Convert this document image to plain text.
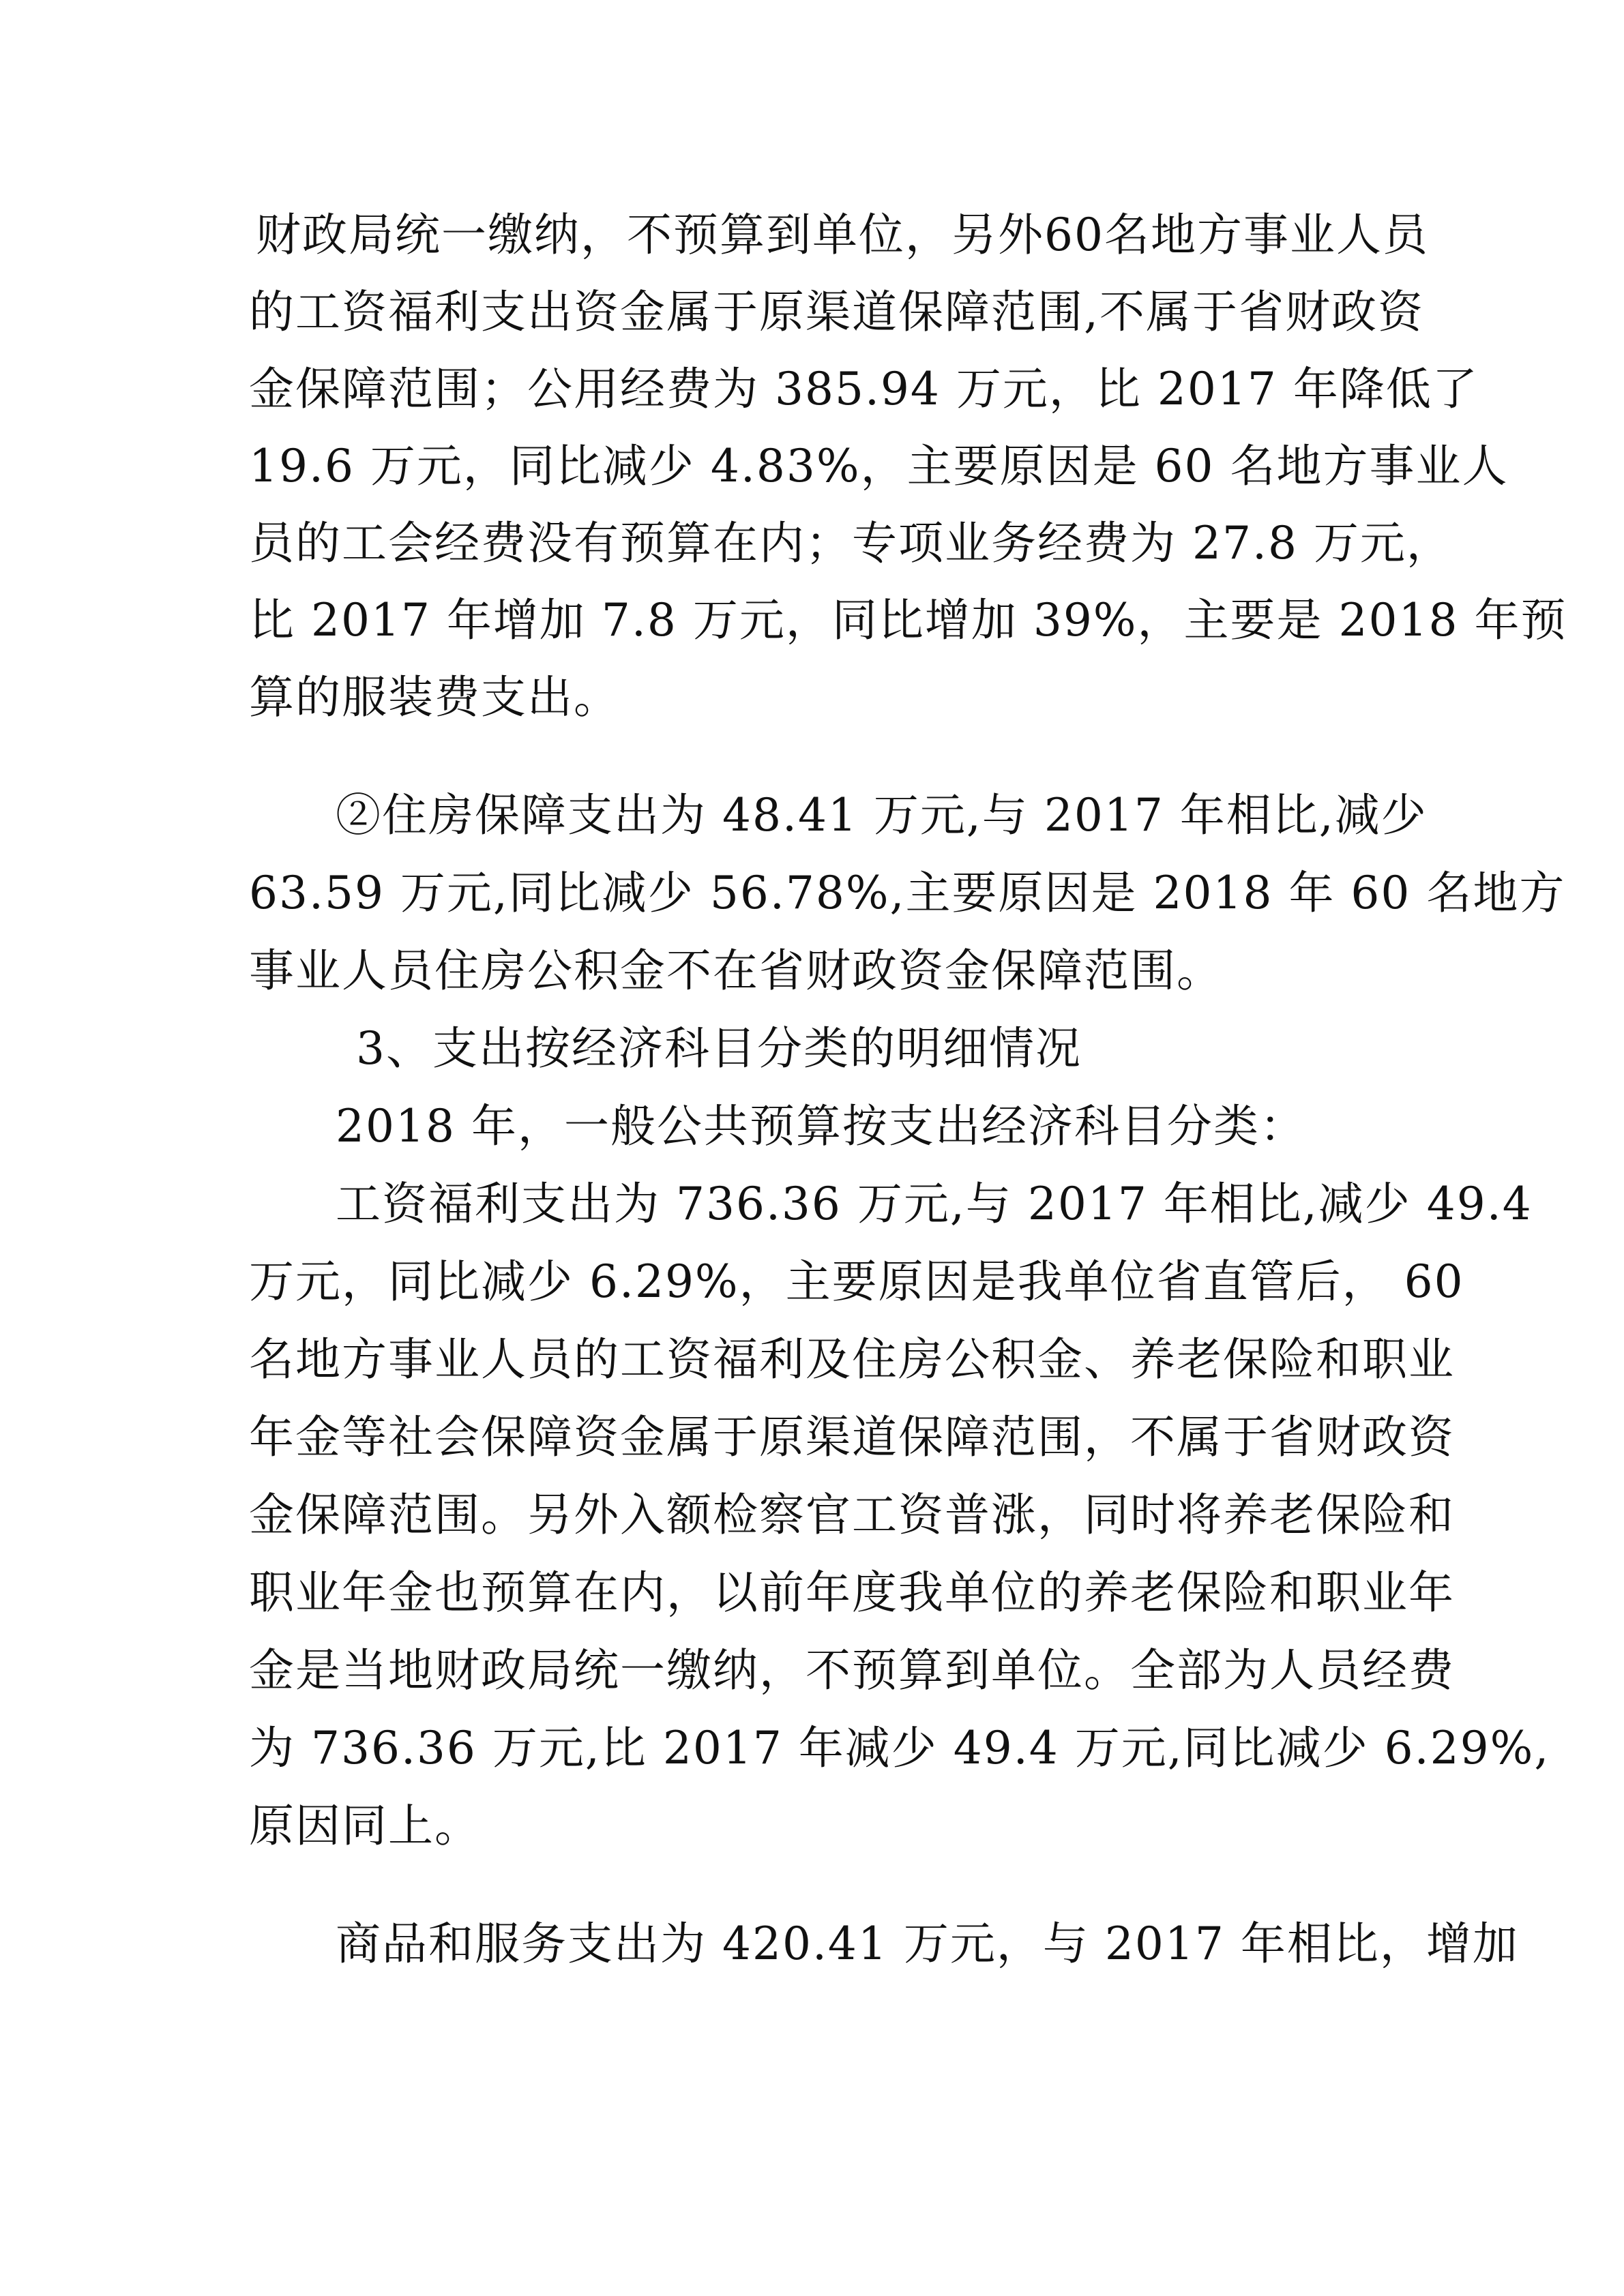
财政局统一缴纳，不预算到单位，另外60名地方事业人员
的工资福利支出资金属于原渠道保障范围,不属于省财政资
金保障范围；公用经费为 385.94 万元，比 2017 年降低了
19.6 万元，同比减少 4.83%，主要原因是 60 名地方事业人
员的工会经费没有预算在内；专项业务经费为 27.8 万元，
比 2017 年增加 7.8 万元，同比增加 39%，主要是 2018 年预
算的服装费支出。
②住房保障支出为 48.41 万元,与 2017 年相比,减少
63.59 万元,同比减少 56.78%,主要原因是 2018 年 60 名地方
事业人员住房公积金不在省财政资金保障范围。
3、支出按经济科目分类的明细情况
2018 年，一般公共预算按支出经济科目分类：
工资福利支出为 736.36 万元,与 2017 年相比,减少 49.4
万元，同比减少 6.29%，主要原因是我单位省直管后， 60
名地方事业人员的工资福利及住房公积金、养老保险和职业
年金等社会保障资金属于原渠道保障范围，不属于省财政资
金保障范围。另外入额检察官工资普涨，同时将养老保险和
职业年金也预算在内，以前年度我单位的养老保险和职业年
金是当地财政局统一缴纳，不预算到单位。全部为人员经费
为 736.36 万元,比 2017 年减少 49.4 万元,同比减少 6.29%,
原因同上。
商品和服务支出为 420.41 万元，与 2017 年相比，增加
